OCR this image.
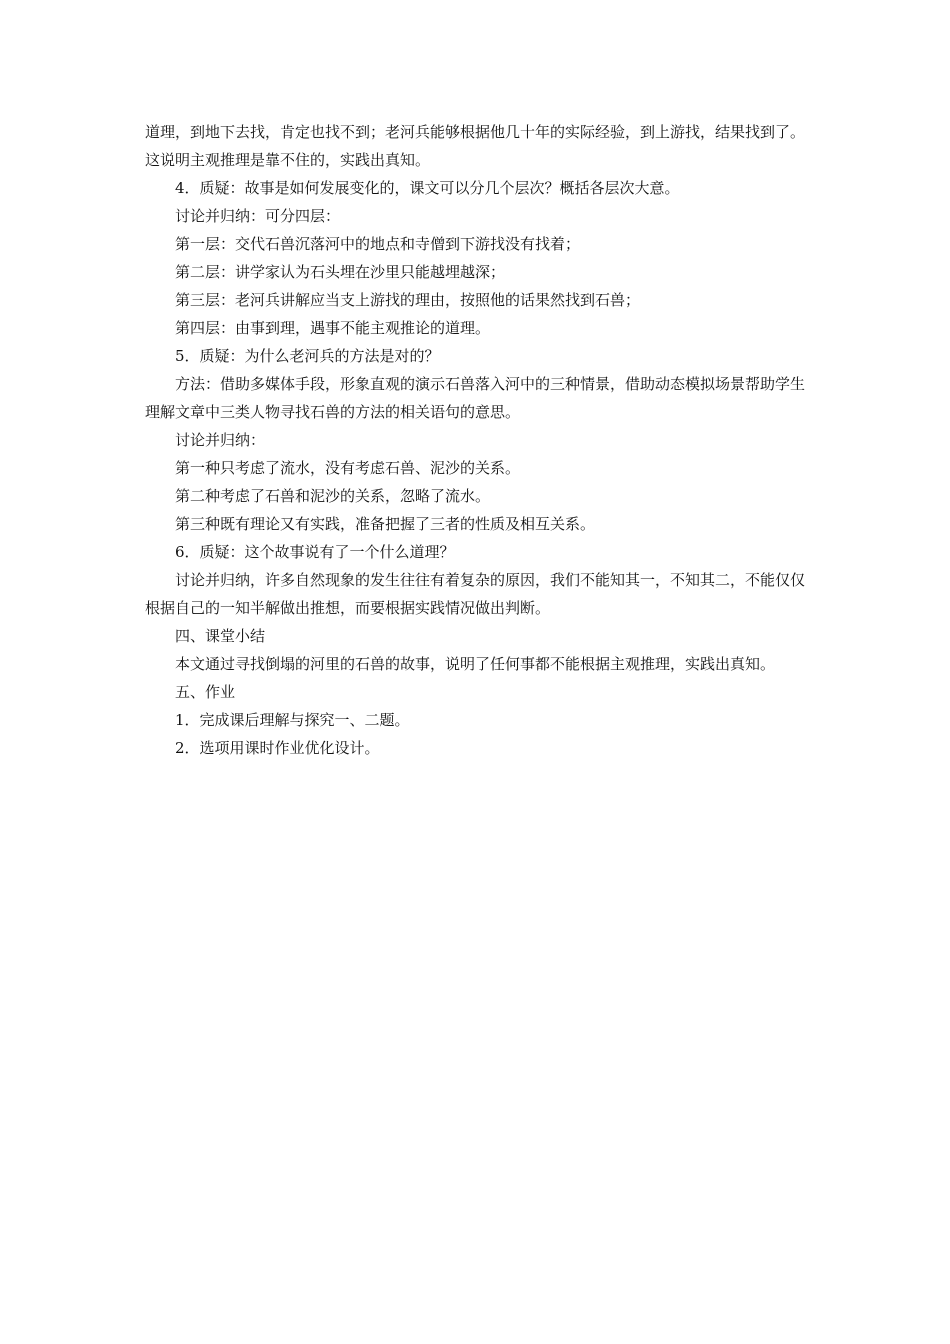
道理，到地下去找，肯定也找不到；老河兵能够根据他几十年的实际经验，到上游找，结果找到了。这说明主观推理是靠不住的，实践出真知。

4．质疑：故事是如何发展变化的，课文可以分几个层次？概括各层次大意。

讨论并归纳：可分四层：

第一层：交代石兽沉落河中的地点和寺僧到下游找没有找着；

第二层：讲学家认为石头埋在沙里只能越埋越深；

第三层：老河兵讲解应当支上游找的理由，按照他的话果然找到石兽；

第四层：由事到理，遇事不能主观推论的道理。

5．质疑：为什么老河兵的方法是对的？

方法：借助多媒体手段，形象直观的演示石兽落入河中的三种情景，借助动态模拟场景帮助学生理解文章中三类人物寻找石兽的方法的相关语句的意思。

讨论并归纳：

第一种只考虑了流水，没有考虑石兽、泥沙的关系。

第二种考虑了石兽和泥沙的关系，忽略了流水。

第三种既有理论又有实践，准备把握了三者的性质及相互关系。

6．质疑：这个故事说有了一个什么道理？

讨论并归纳，许多自然现象的发生往往有着复杂的原因，我们不能知其一，不知其二，不能仅仅根据自己的一知半解做出推想，而要根据实践情况做出判断。

四、课堂小结

本文通过寻找倒塌的河里的石兽的故事，说明了任何事都不能根据主观推理，实践出真知。

五、作业

1．完成课后理解与探究一、二题。

2．选项用课时作业优化设计。
